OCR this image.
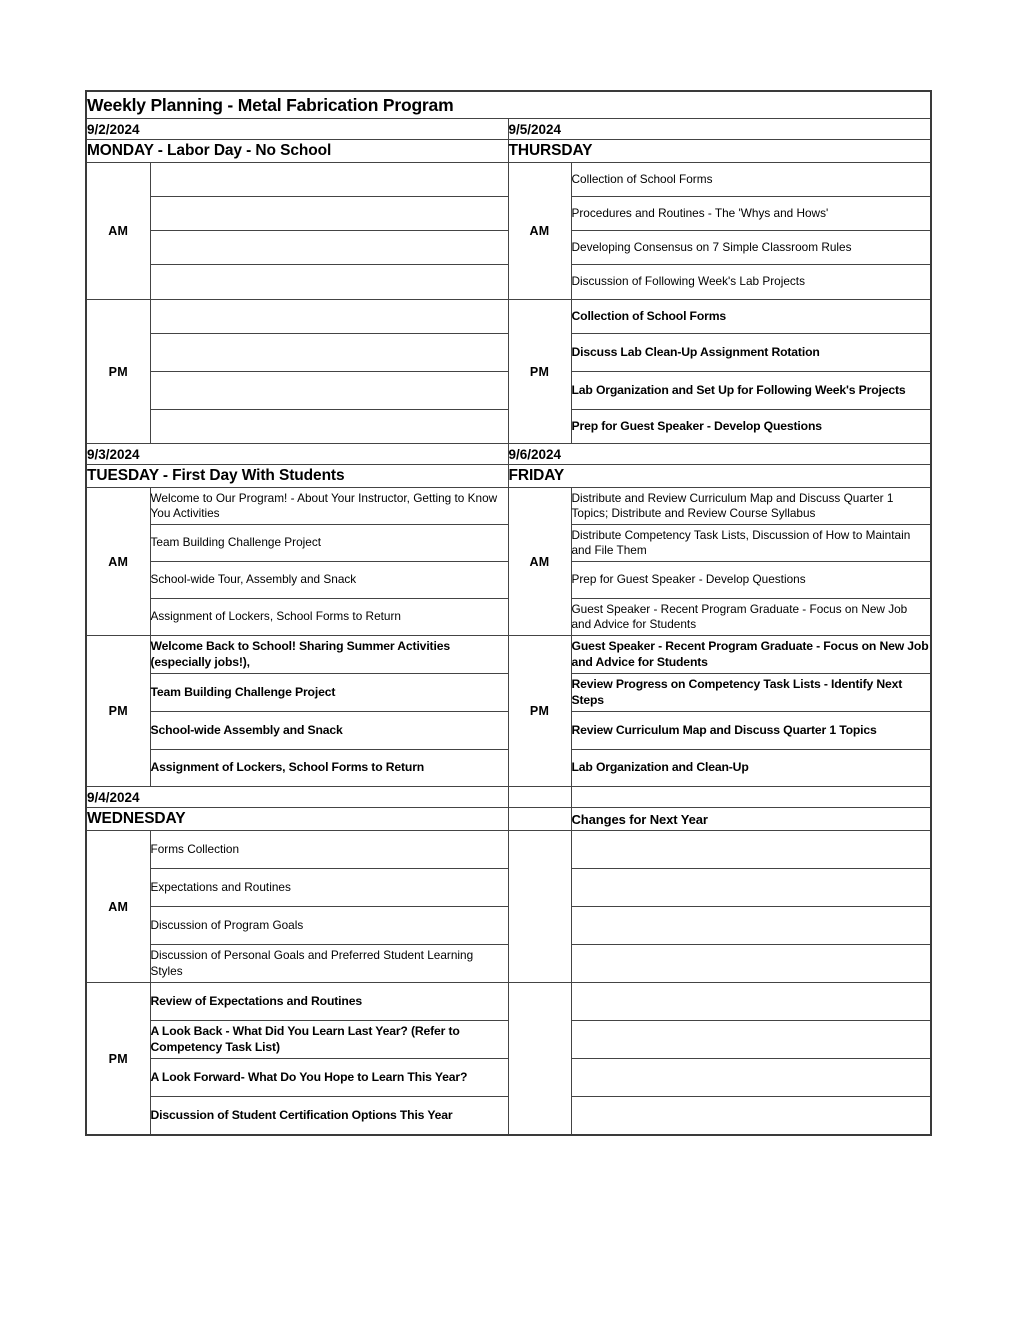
Weekly Planning - Metal Fabrication Program			
9/2/2024		9/5/2024	
MONDAY - Labor Day - No School		THURSDAY	
AM		AM	Collection of School Forms
			Procedures and Routines - The 'Whys and Hows'
			Developing Consensus on 7 Simple Classroom Rules
			Discussion of Following Week's Lab Projects
PM		PM	Collection of School Forms
			Discuss Lab Clean-Up Assignment Rotation
			Lab Organization and Set Up for Following Week's Projects
			Prep for Guest Speaker - Develop Questions
9/3/2024		9/6/2024	
TUESDAY - First Day With Students		FRIDAY	
AM	Welcome to Our Program! - About Your Instructor, Getting to Know You Activities	AM	Distribute and Review Curriculum Map and Discuss Quarter 1 Topics; Distribute and Review Course Syllabus
	Team Building Challenge Project		Distribute Competency Task Lists, Discussion of How to Maintain and File Them
	School-wide Tour, Assembly and Snack		Prep for Guest Speaker - Develop Questions
	Assignment of Lockers, School Forms to Return		Guest Speaker - Recent Program Graduate - Focus on New Job and Advice for Students
PM	Welcome Back to School! Sharing Summer Activities (especially jobs!),	PM	Guest Speaker - Recent Program Graduate - Focus on New Job and Advice for Students
	Team Building Challenge Project		Review Progress on Competency Task Lists - Identify Next Steps
	School-wide Assembly and Snack		Review Curriculum Map and Discuss Quarter 1 Topics
	Assignment of Lockers, School Forms to Return		Lab Organization and Clean-Up
9/4/2024			
WEDNESDAY			Changes for Next Year
AM	Forms Collection		
	Expectations and Routines		
	Discussion of Program Goals		
	Discussion of Personal Goals and Preferred Student Learning Styles		
PM	Review of Expectations and Routines		
	A Look Back - What Did You Learn Last Year? (Refer to Competency Task List)		
	A Look Forward- What Do You Hope to Learn This Year?		
	Discussion of Student Certification Options This Year		
